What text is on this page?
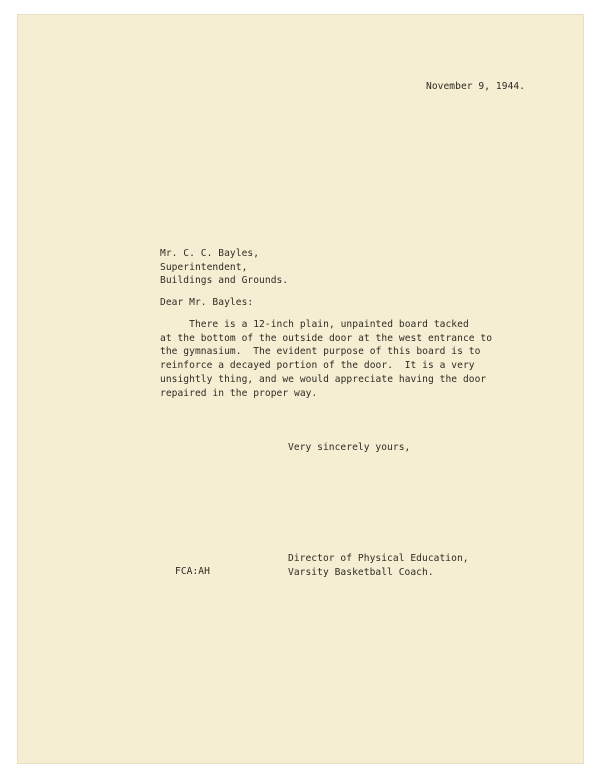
November 9, 1944.
Mr. C. C. Bayles,
Superintendent,
Buildings and Grounds.
Dear Mr. Bayles:
There is a 12-inch plain, unpainted board tacked
at the bottom of the outside door at the west entrance to
the gymnasium.  The evident purpose of this board is to
reinforce a decayed portion of the door.  It is a very
unsightly thing, and we would appreciate having the door
repaired in the proper way.
Very sincerely yours,
Director of Physical Education,
Varsity Basketball Coach.
FCA:AH
